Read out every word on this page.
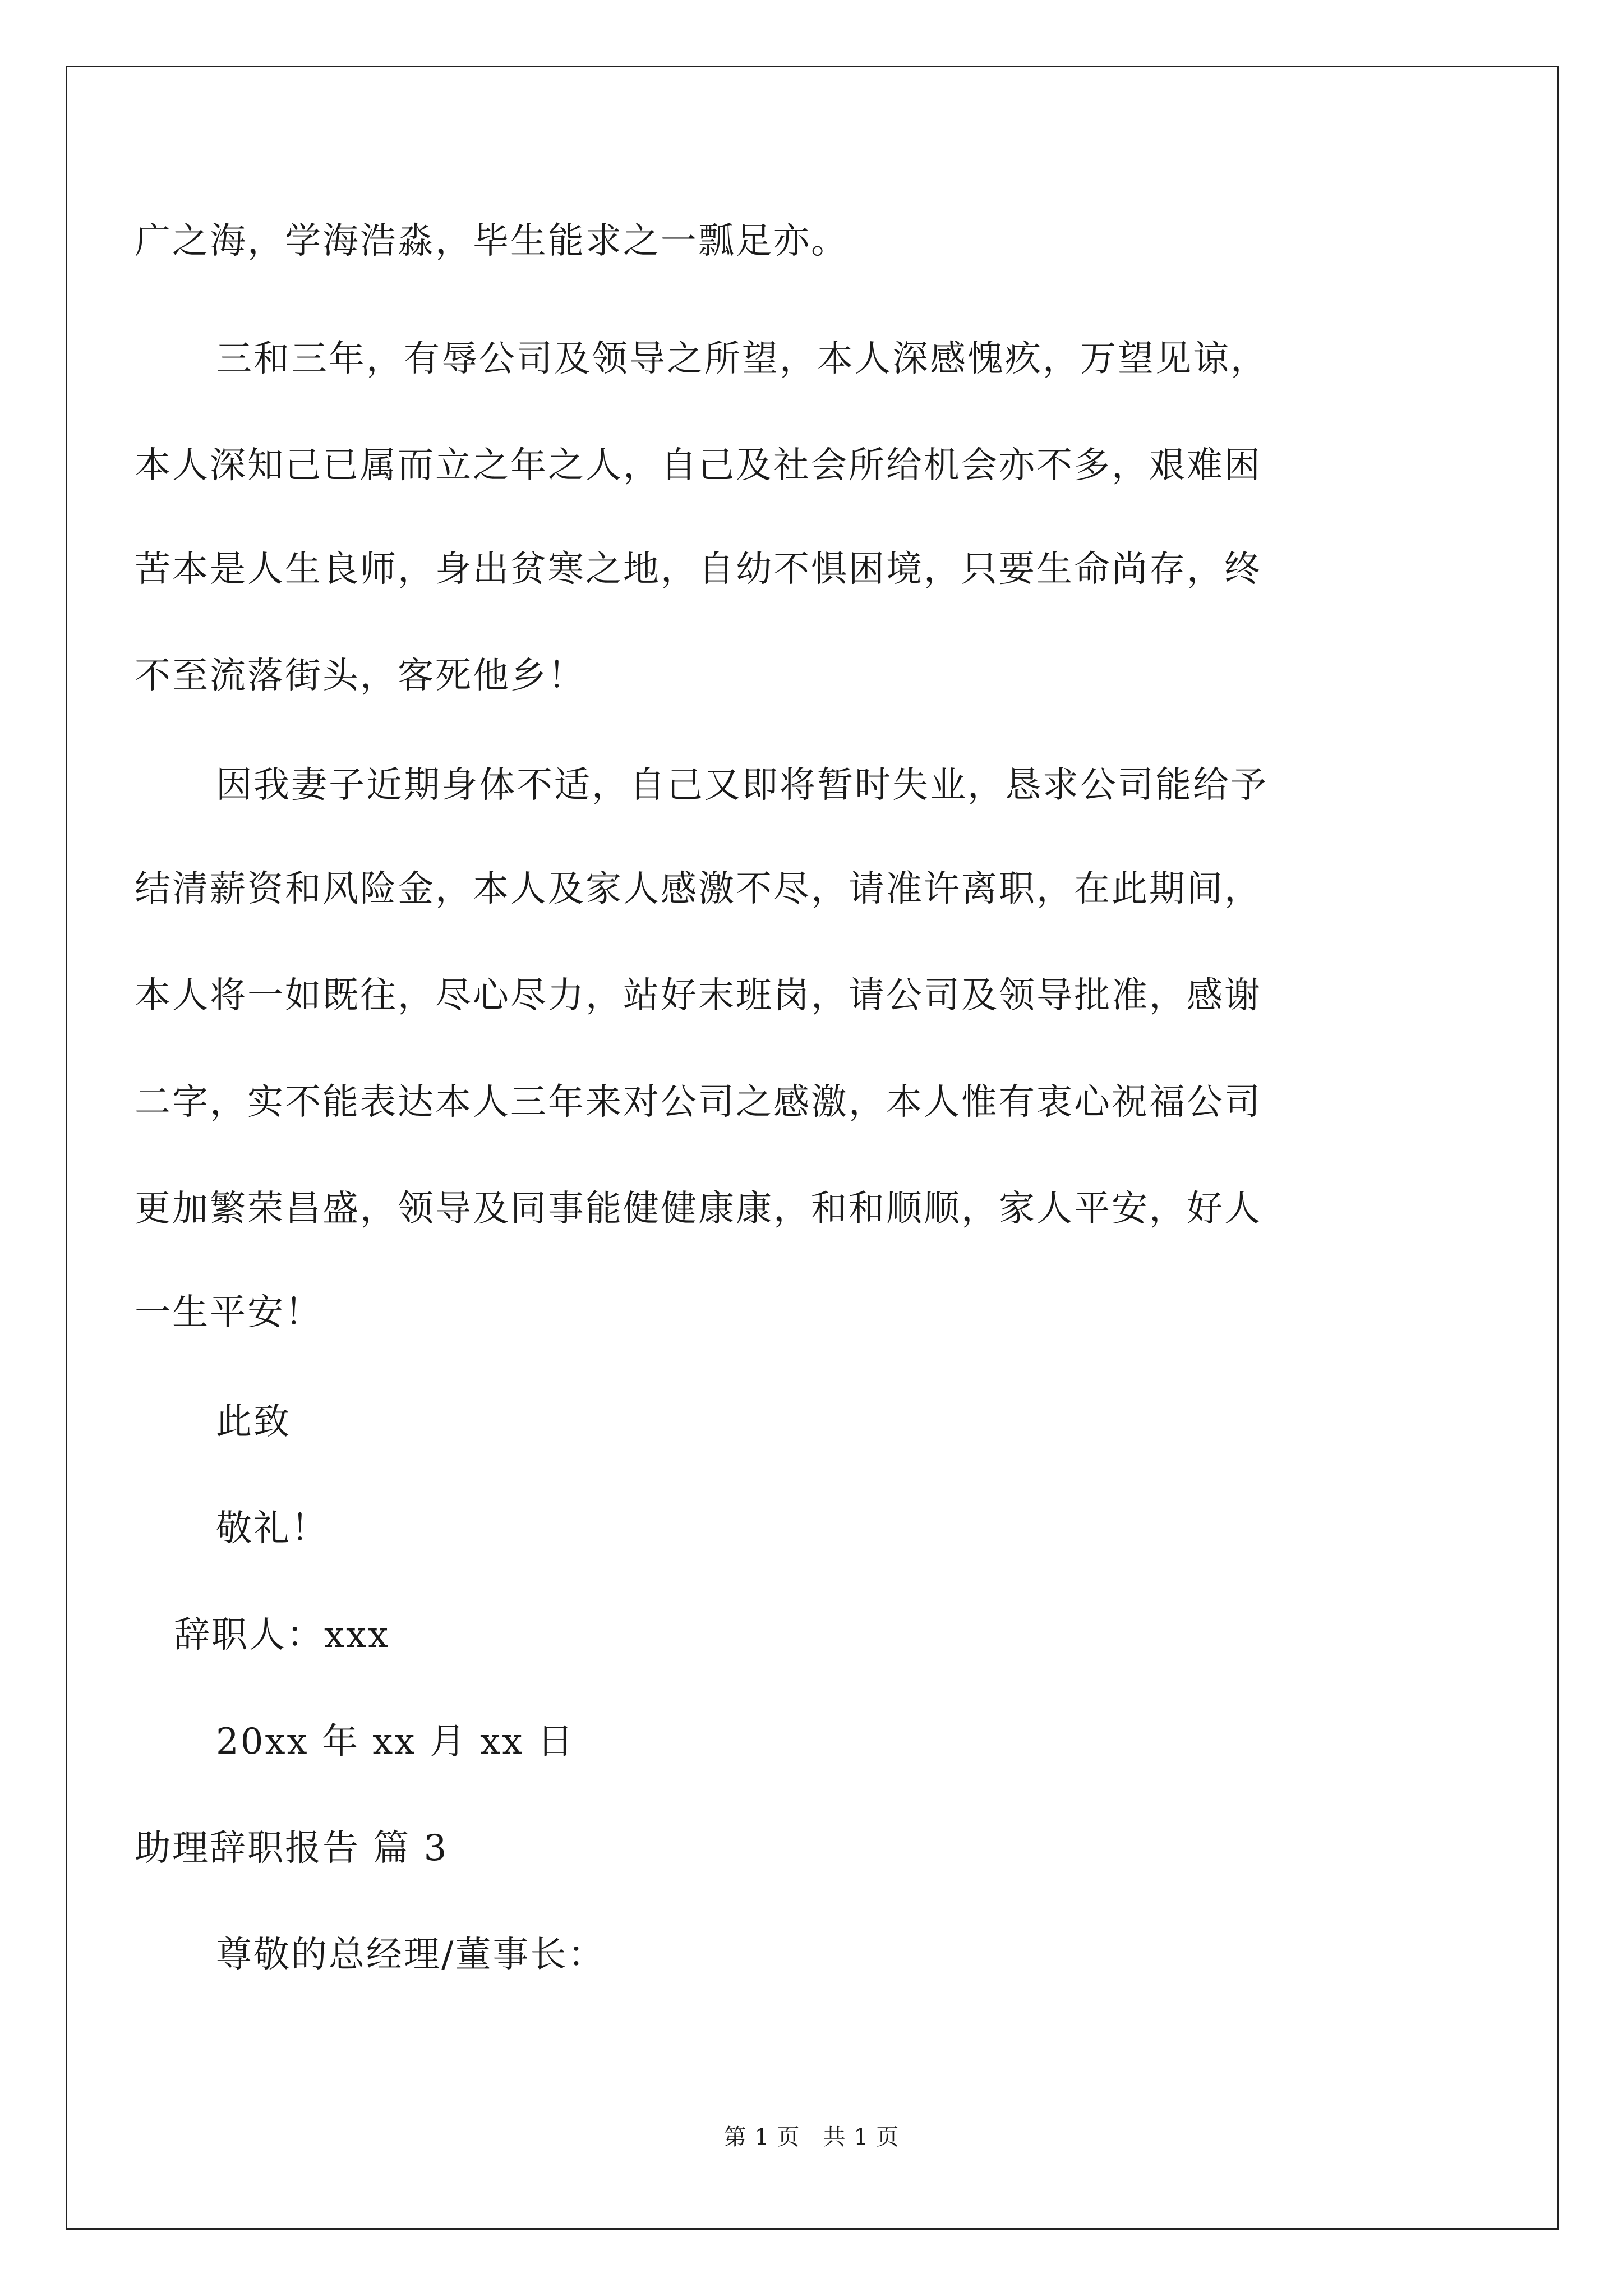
广之海，学海浩淼，毕生能求之一瓢足亦。
三和三年，有辱公司及领导之所望，本人深感愧疚，万望见谅，
本人深知己已属而立之年之人，自己及社会所给机会亦不多，艰难困
苦本是人生良师，身出贫寒之地，自幼不惧困境，只要生命尚存，终
不至流落街头，客死他乡！
因我妻子近期身体不适，自己又即将暂时失业，恳求公司能给予
结清薪资和风险金，本人及家人感激不尽，请准许离职，在此期间，
本人将一如既往，尽心尽力，站好末班岗，请公司及领导批准，感谢
二字，实不能表达本人三年来对公司之感激，本人惟有衷心祝福公司
更加繁荣昌盛，领导及同事能健健康康，和和顺顺，家人平安，好人
一生平安！
此致
敬礼！
辞职人：xxx
20xx 年 xx 月 xx 日
助理辞职报告 篇 3
尊敬的总经理/董事长：
第 1 页　共 1 页
